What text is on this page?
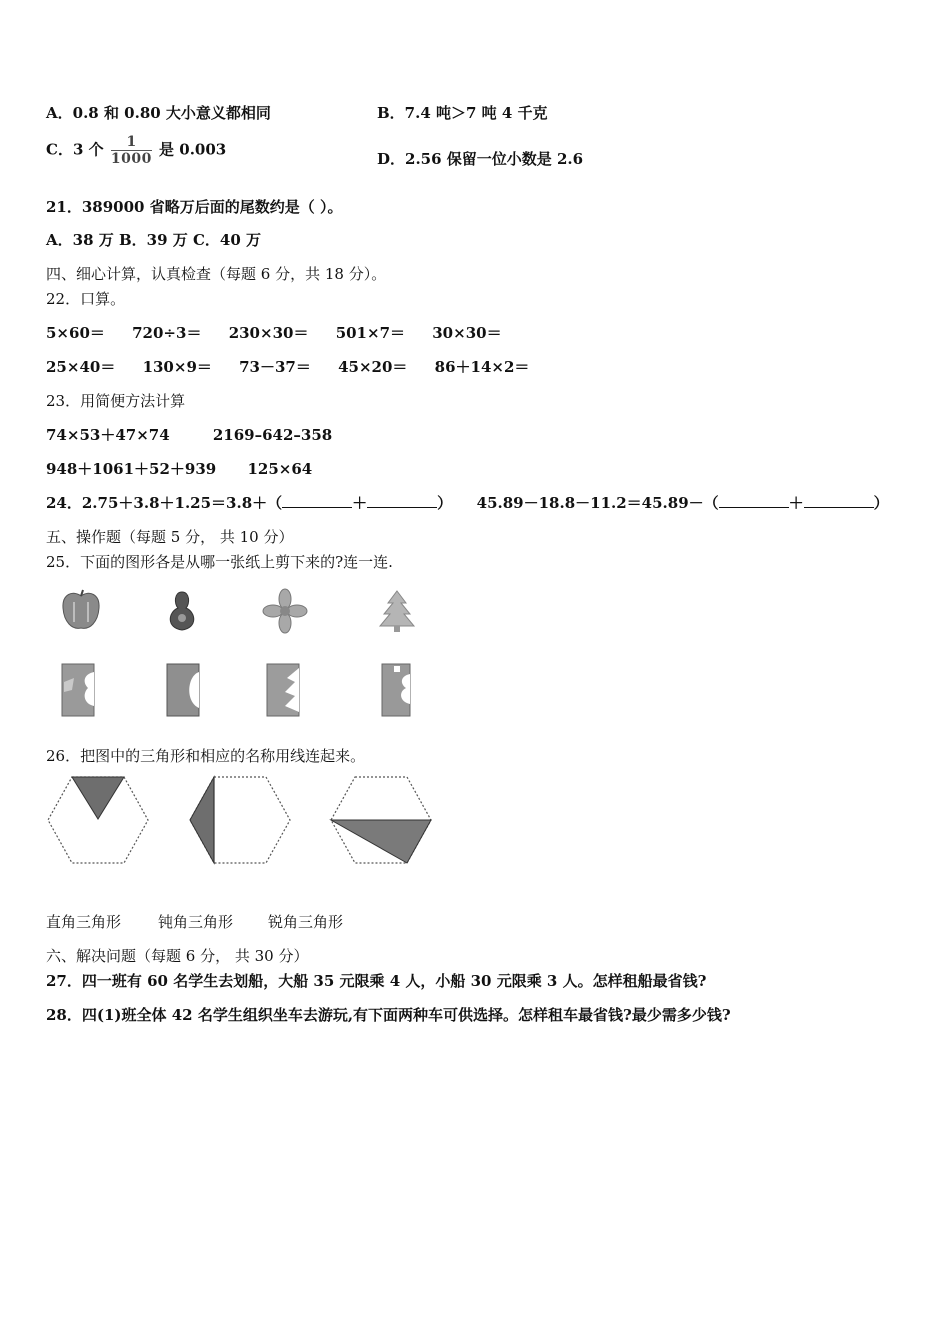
A．0.8 和 0.80 大小意义都相同	B．7.4 吨＞7 吨 4 千克
C．3 个 $\frac{1}{1000}$ 是 0.003
D．2.56 保留一位小数是 2.6
21．389000 省略万后面的尾数约是（ ）。
A．38 万 B．39 万 C．40 万
四、细心计算，认真检查（每题 6 分，共 18 分）。
22．口算。
5×60＝ 720÷3＝ 230×30＝ 501×7＝ 30×30＝
25×40＝ 130×9＝ 73－37＝ 45×20＝ 86＋14×2＝
23．用简便方法计算
74×53＋47×74	2169–642–358
948＋1061＋52＋939 125×64
24．2.75＋3.8＋1.25＝3.8＋（	＋	） 45.89－18.8－11.2＝45.89－（	＋	）
五、操作题（每题 5 分， 共 10 分）
25．下面的图形各是从哪一张纸上剪下来的?连一连.
26．把图中的三角形和相应的名称用线连起来。
直角三角形 钝角三角形 锐角三角形
六、解决问题（每题 6 分， 共 30 分）
27．四一班有 60 名学生去划船，大船 35 元限乘 4 人，小船 30 元限乘 3 人。怎样租船最省钱?
28．四(1)班全体 42 名学生组织坐车去游玩,有下面两种车可供选择。怎样租车最省钱?最少需多少钱?
